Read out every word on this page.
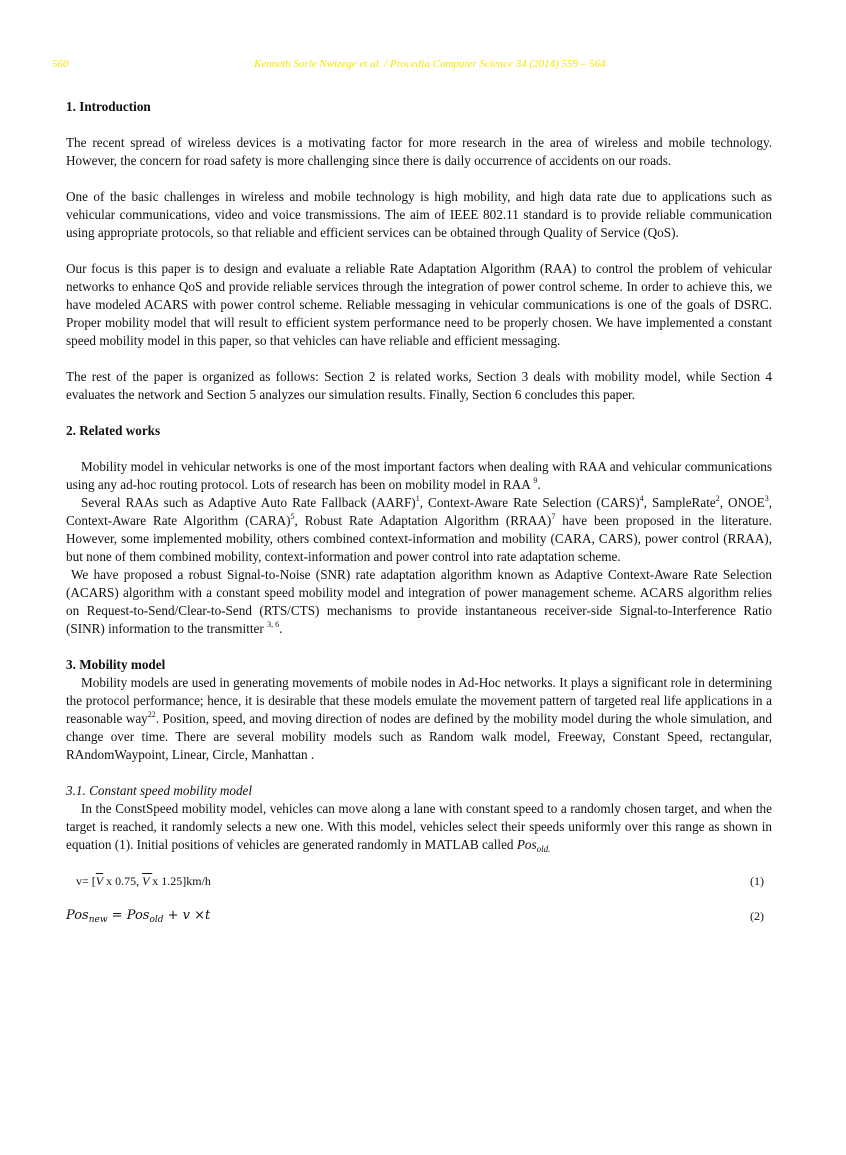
560	Kenneth Sorle Nwizege et al. / Procedia Computer Science 34 (2014) 559 – 564
1. Introduction

The recent spread of wireless devices is a motivating factor for more research in the area of wireless and mobile technology. However, the concern for road safety is more challenging since there is daily occurrence of accidents on our roads.

One of the basic challenges in wireless and mobile technology is high mobility, and high data rate due to applications such as vehicular communications, video and voice transmissions. The aim of IEEE 802.11 standard is to provide reliable communication using appropriate protocols, so that reliable and efficient services can be obtained through Quality of Service (QoS).

Our focus is this paper is to design and evaluate a reliable Rate Adaptation Algorithm (RAA) to control the problem of vehicular networks to enhance QoS and provide reliable services through the integration of power control scheme. In order to achieve this, we have modeled ACARS with power control scheme. Reliable messaging in vehicular communications is one of the goals of DSRC. Proper mobility model that will result to efficient system performance need to be properly chosen. We have implemented a constant speed mobility model in this paper, so that vehicles can have reliable and efficient messaging.

The rest of the paper is organized as follows: Section 2 is related works, Section 3 deals with mobility model, while Section 4 evaluates the network and Section 5 analyzes our simulation results. Finally, Section 6 concludes this paper.

2. Related works

Mobility model in vehicular networks is one of the most important factors when dealing with RAA and vehicular communications using any ad-hoc routing protocol. Lots of research has been on mobility model in RAA $^9$.

Several RAAs such as Adaptive Auto Rate Fallback (AARF)$^1$, Context-Aware Rate Selection (CARS)$^4$, SampleRate$^2$, ONOE$^3$, Context-Aware Rate Algorithm (CARA)$^5$, Robust Rate Adaptation Algorithm (RRAA)$^7$ have been proposed in the literature. However, some implemented mobility, others combined context-information and mobility (CARA, CARS), power control (RRAA), but none of them combined mobility, context-information and power control into rate adaptation scheme.

We have proposed a robust Signal-to-Noise (SNR) rate adaptation algorithm known as Adaptive Context-Aware Rate Selection (ACARS) algorithm with a constant speed mobility model and integration of power management scheme. ACARS algorithm relies on Request-to-Send/Clear-to-Send (RTS/CTS) mechanisms to provide instantaneous receiver-side Signal-to-Interference Ratio (SINR) information to the transmitter $^{3, 6}$.

3. Mobility model

Mobility models are used in generating movements of mobile nodes in Ad-Hoc networks. It plays a significant role in determining the protocol performance; hence, it is desirable that these models emulate the movement pattern of targeted real life applications in a reasonable way$^{22}$. Position, speed, and moving direction of nodes are defined by the mobility model during the whole simulation, and change over time. There are several mobility models such as Random walk model, Freeway, Constant Speed, rectangular, RAndomWaypoint, Linear, Circle, Manhattan .

3.1. Constant speed mobility model

In the ConstSpeed mobility model, vehicles can move along a lane with constant speed to a randomly chosen target, and when the target is reached, it randomly selects a new one. With this model, vehicles select their speeds uniformly over this range as shown in equation (1). Initial positions of vehicles are generated randomly in MATLAB called Pos$_{old.}$

$v= [\overline{V}$ x 0.75, V x 1.25]km/h	(1)
Pos$_{new}$ = Pos$_{old}$ + v ×t	(2)
